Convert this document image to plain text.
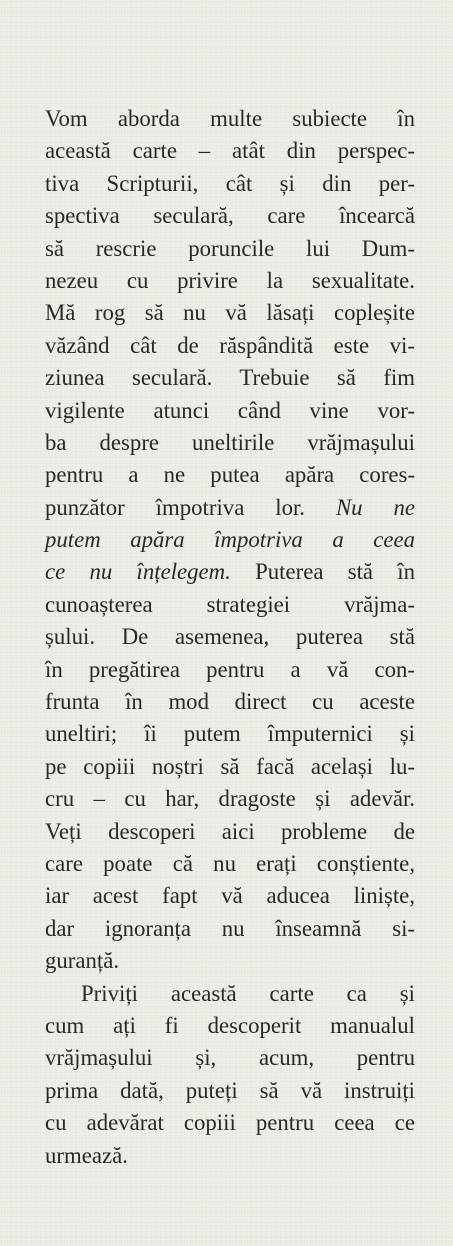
Vom aborda multe subiecte în
această carte – atât din perspec-
tiva Scripturii, cât și din per-
spectiva seculară, care încearcă
să rescrie poruncile lui Dum-
nezeu cu privire la sexualitate.
Mă rog să nu vă lăsați copleșite
văzând cât de răspândită este vi-
ziunea seculară. Trebuie să fim
vigilente atunci când vine vor-
ba despre uneltirile vrăjmașului
pentru a ne putea apăra cores-
punzător împotriva lor. Nu ne
putem apăra împotriva a ceea
ce nu înțelegem. Puterea stă în
cunoașterea strategiei vrăjma-
șului. De asemenea, puterea stă
în pregătirea pentru a vă con-
frunta în mod direct cu aceste
uneltiri; îi putem împuternici și
pe copiii noștri să facă același lu-
cru – cu har, dragoste și adevăr.
Veți descoperi aici probleme de
care poate că nu erați conștiente,
iar acest fapt vă aducea liniște,
dar ignoranța nu înseamnă si-
guranță.
Priviți această carte ca și
cum ați fi descoperit manualul
vrăjmașului și, acum, pentru
prima dată, puteți să vă instruiți
cu adevărat copiii pentru ceea ce
urmează.
